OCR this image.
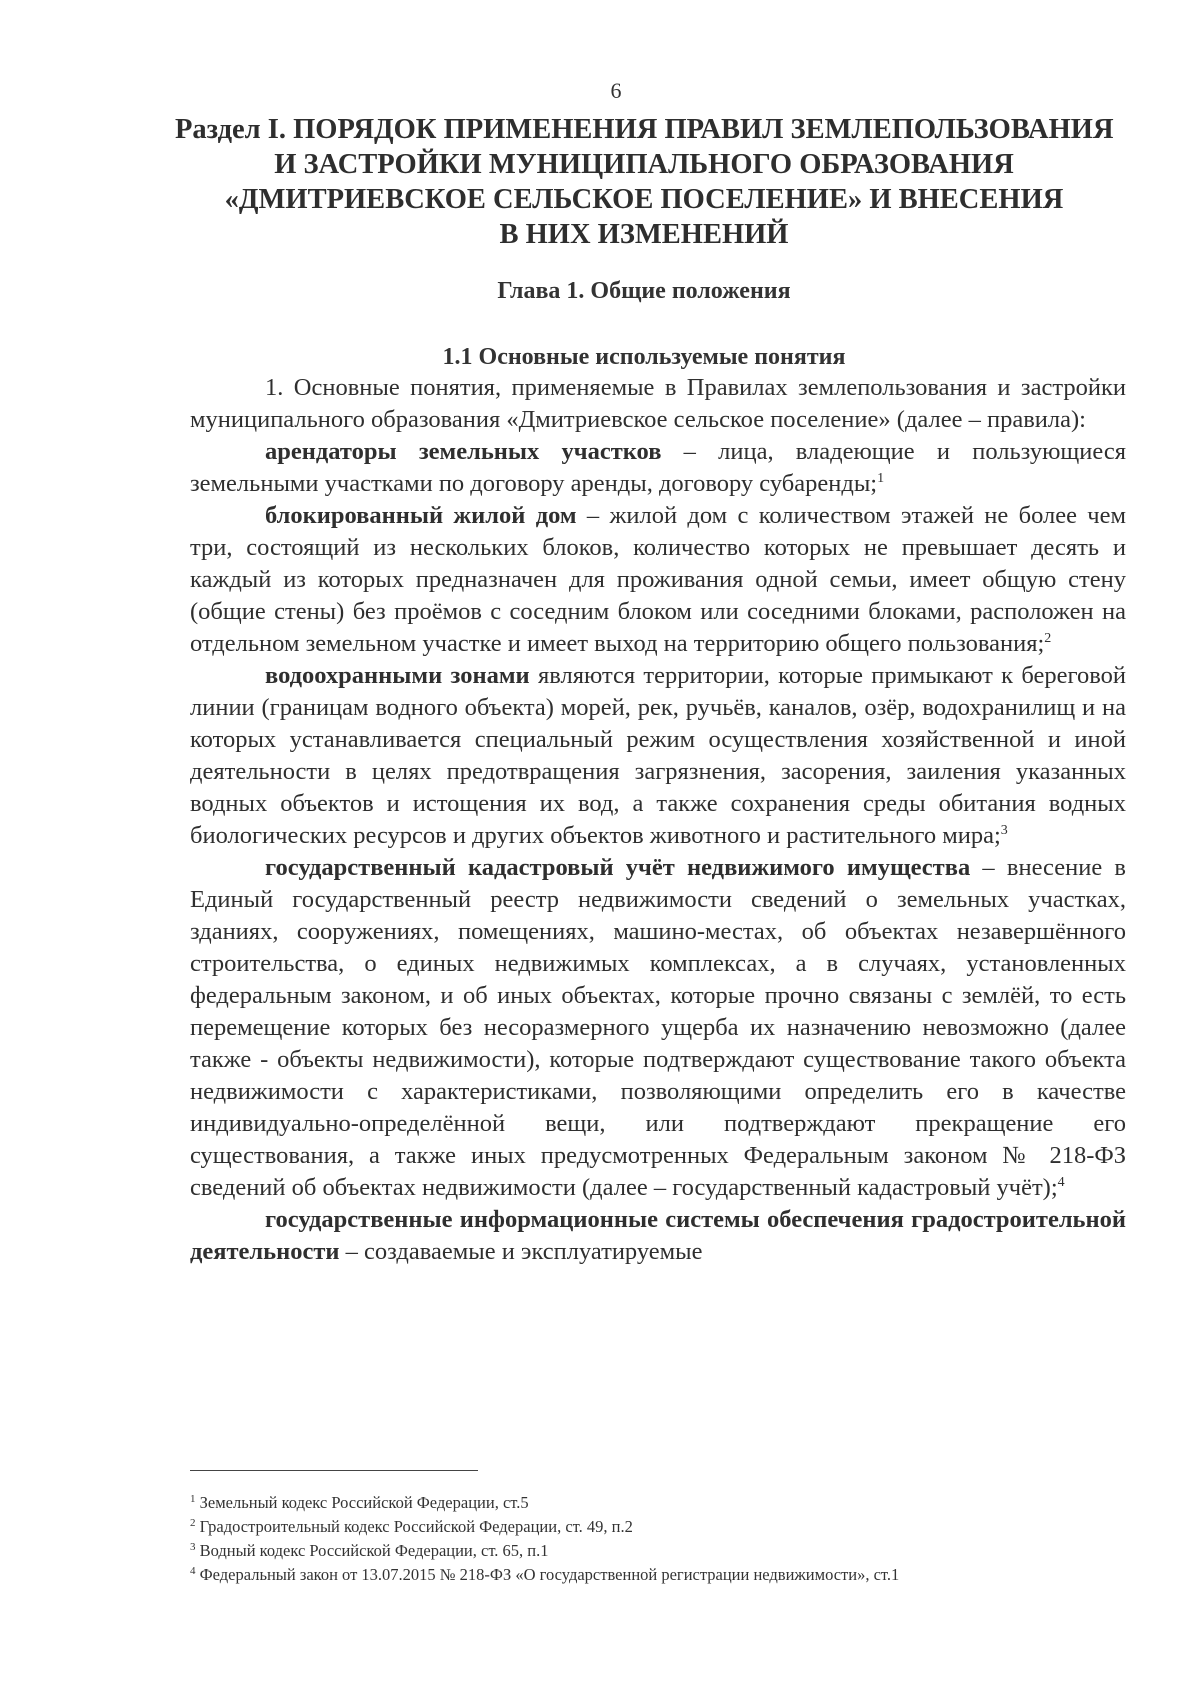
6
Раздел I. ПОРЯДОК ПРИМЕНЕНИЯ ПРАВИЛ ЗЕМЛЕПОЛЬЗОВАНИЯ
И ЗАСТРОЙКИ МУНИЦИПАЛЬНОГО ОБРАЗОВАНИЯ
«ДМИТРИЕВСКОЕ СЕЛЬСКОЕ ПОСЕЛЕНИЕ» И ВНЕСЕНИЯ
В НИХ ИЗМЕНЕНИЙ
Глава 1. Общие положения
1.1 Основные используемые понятия

1. Основные понятия, применяемые в Правилах землепользования и застройки муниципального образования «Дмитриевское сельское поселение» (далее – правила):

арендаторы земельных участков – лица, владеющие и пользующиеся земельными участками по договору аренды, договору субаренды;$^1$

блокированный жилой дом – жилой дом с количеством этажей не более чем три, состоящий из нескольких блоков, количество которых не превышает десять и каждый из которых предназначен для проживания одной семьи, имеет общую стену (общие стены) без проёмов с соседним блоком или соседними блоками, расположен на отдельном земельном участке и имеет выход на территорию общего пользования;$^2$

водоохранными зонами являются территории, которые примыкают к береговой линии (границам водного объекта) морей, рек, ручьёв, каналов, озёр, водохранилищ и на которых устанавливается специальный режим осуществления хозяйственной и иной деятельности в целях предотвращения загрязнения, засорения, заиления указанных водных объектов и истощения их вод, а также сохранения среды обитания водных биологических ресурсов и других объектов животного и растительного мира;$^3$

государственный кадастровый учёт недвижимого имущества – внесение в Единый государственный реестр недвижимости сведений о земельных участках, зданиях, сооружениях, помещениях, машино-местах, об объектах незавершённого строительства, о единых недвижимых комплексах, а в случаях, установленных федеральным законом, и об иных объектах, которые прочно связаны с землёй, то есть перемещение которых без несоразмерного ущерба их назначению невозможно (далее также - объекты недвижимости), которые подтверждают существование такого объекта недвижимости с характеристиками, позволяющими определить его в качестве индивидуально-определённой вещи, или подтверждают прекращение его существования, а также иных предусмотренных Федеральным законом № 218-ФЗ сведений об объектах недвижимости (далее – государственный кадастровый учёт);$^4$

государственные информационные системы обеспечения градостроительной деятельности – создаваемые и эксплуатируемые

$^1$ Земельный кодекс Российской Федерации, ст.5
$^2$ Градостроительный кодекс Российской Федерации, ст. 49, п.2
$^3$ Водный кодекс Российской Федерации, ст. 65, п.1
$^4$ Федеральный закон от 13.07.2015 № 218-ФЗ «О государственной регистрации недвижимости», ст.1
